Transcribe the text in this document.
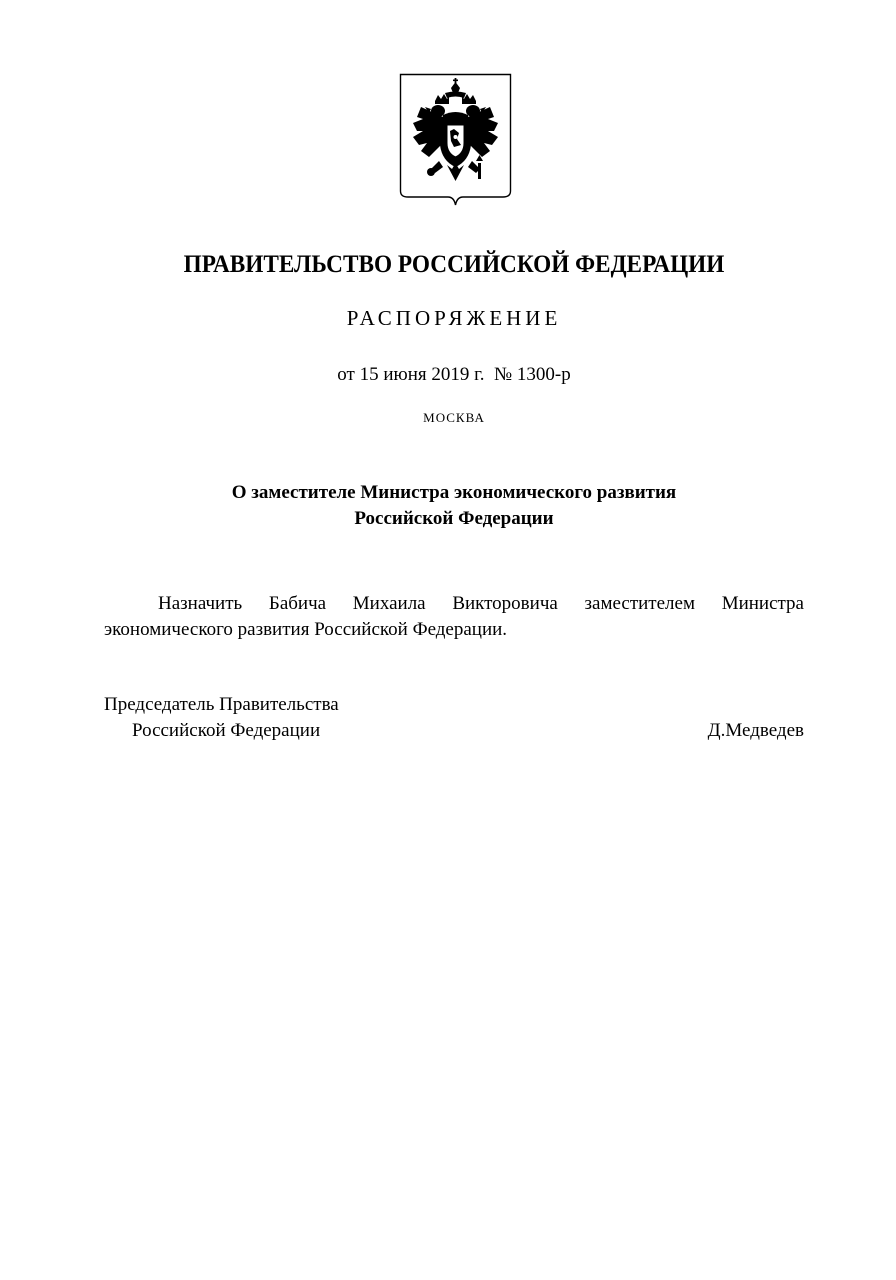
ПРАВИТЕЛЬСТВО РОССИЙСКОЙ ФЕДЕРАЦИИ
РАСПОРЯЖЕНИЕ
от 15 июня 2019 г.  № 1300-р
МОСКВА
О заместителе Министра экономического развития
Российской Федерации
Назначить Бабича Михаила Викторовича заместителем Министра
экономического развития Российской Федерации.
Председатель Правительства
Российской Федерации	Д.Медведев
